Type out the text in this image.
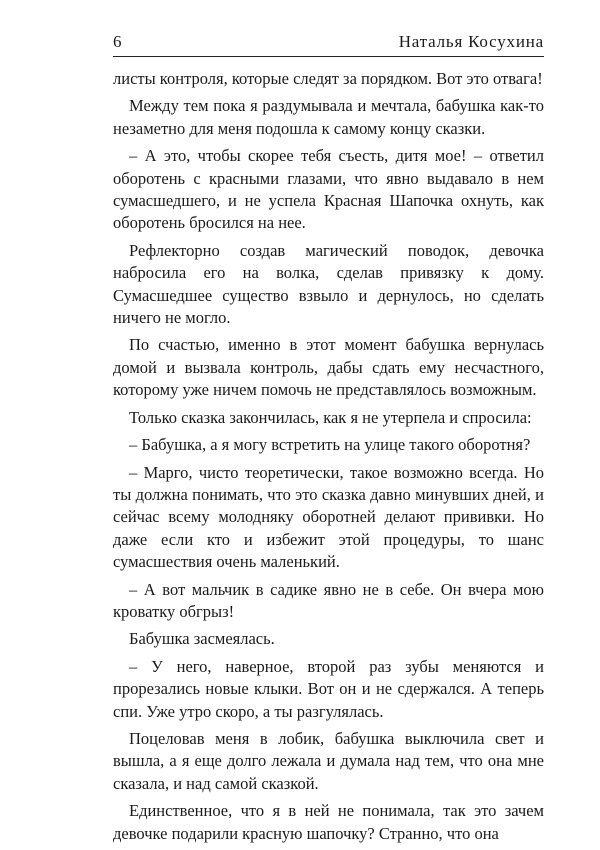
6	Наталья Косухина

листы контроля, которые следят за порядком. Вот это отвага!

Между тем пока я раздумывала и мечтала, бабушка как-то незаметно для меня подошла к самому концу сказки.

– А это, чтобы скорее тебя съесть, дитя мое! – ответил оборотень с красными глазами, что явно выдавало в нем сумасшедшего, и не успела Красная Шапочка охнуть, как оборотень бросился на нее.

Рефлекторно создав магический поводок, девочка набросила его на волка, сделав привязку к дому. Сумасшедшее существо взвыло и дернулось, но сделать ничего не могло.

По счастью, именно в этот момент бабушка вернулась домой и вызвала контроль, дабы сдать ему несчастного, которому уже ничем помочь не представлялось возможным.

Только сказка закончилась, как я не утерпела и спросила:

– Бабушка, а я могу встретить на улице такого оборотня?

– Марго, чисто теоретически, такое возможно всегда. Но ты должна понимать, что это сказка давно минувших дней, и сейчас всему молодняку оборотней делают прививки. Но даже если кто и избежит этой процедуры, то шанс сумасшествия очень маленький.

– А вот мальчик в садике явно не в себе. Он вчера мою кроватку обгрыз!

Бабушка засмеялась.

– У него, наверное, второй раз зубы меняются и прорезались новые клыки. Вот он и не сдержался. А теперь спи. Уже утро скоро, а ты разгулялась.

Поцеловав меня в лобик, бабушка выключила свет и вышла, а я еще долго лежала и думала над тем, что она мне сказала, и над самой сказкой.

Единственное, что я в ней не понимала, так это зачем девочке подарили красную шапочку? Странно, что она
